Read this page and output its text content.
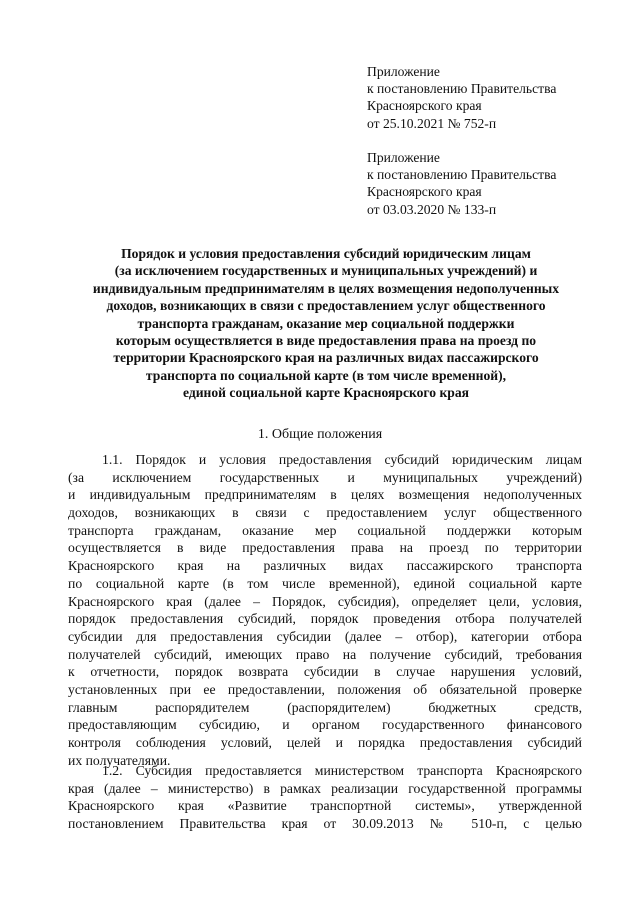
Приложение
к постановлению Правительства
Красноярского края
от 25.10.2021 № 752-п
Приложение
к постановлению Правительства
Красноярского края
от 03.03.2020 № 133-п
Порядок и условия предоставления субсидий юридическим лицам
(за исключением государственных и муниципальных учреждений) и
индивидуальным предпринимателям в целях возмещения недополученных
доходов, возникающих в связи с предоставлением услуг общественного
транспорта гражданам, оказание мер социальной поддержки
которым осуществляется в виде предоставления права на проезд по
территории Красноярского края на различных видах пассажирского
транспорта по социальной карте (в том числе временной),
единой социальной карте Красноярского края
1. Общие положения
1.1. Порядок и условия предоставления субсидий юридическим лицам
(за исключением государственных и муниципальных учреждений)
и индивидуальным предпринимателям в целях возмещения недополученных
доходов, возникающих в связи с предоставлением услуг общественного
транспорта гражданам, оказание мер социальной поддержки которым
осуществляется в виде предоставления права на проезд по территории
Красноярского края на различных видах пассажирского транспорта
по социальной карте (в том числе временной), единой социальной карте
Красноярского края (далее – Порядок, субсидия), определяет цели, условия,
порядок предоставления субсидий, порядок проведения отбора получателей
субсидии для предоставления субсидии (далее – отбор), категории отбора
получателей субсидий, имеющих право на получение субсидий, требования
к отчетности, порядок возврата субсидии в случае нарушения условий,
установленных при ее предоставлении, положения об обязательной проверке
главным распорядителем (распорядителем) бюджетных средств,
предоставляющим субсидию, и органом государственного финансового
контроля соблюдения условий, целей и порядка предоставления субсидий
их получателями.
1.2. Субсидия предоставляется министерством транспорта Красноярского
края (далее – министерство) в рамках реализации государственной программы
Красноярского края «Развитие транспортной системы», утвержденной
постановлением Правительства края от 30.09.2013 № 510-п, с целью
